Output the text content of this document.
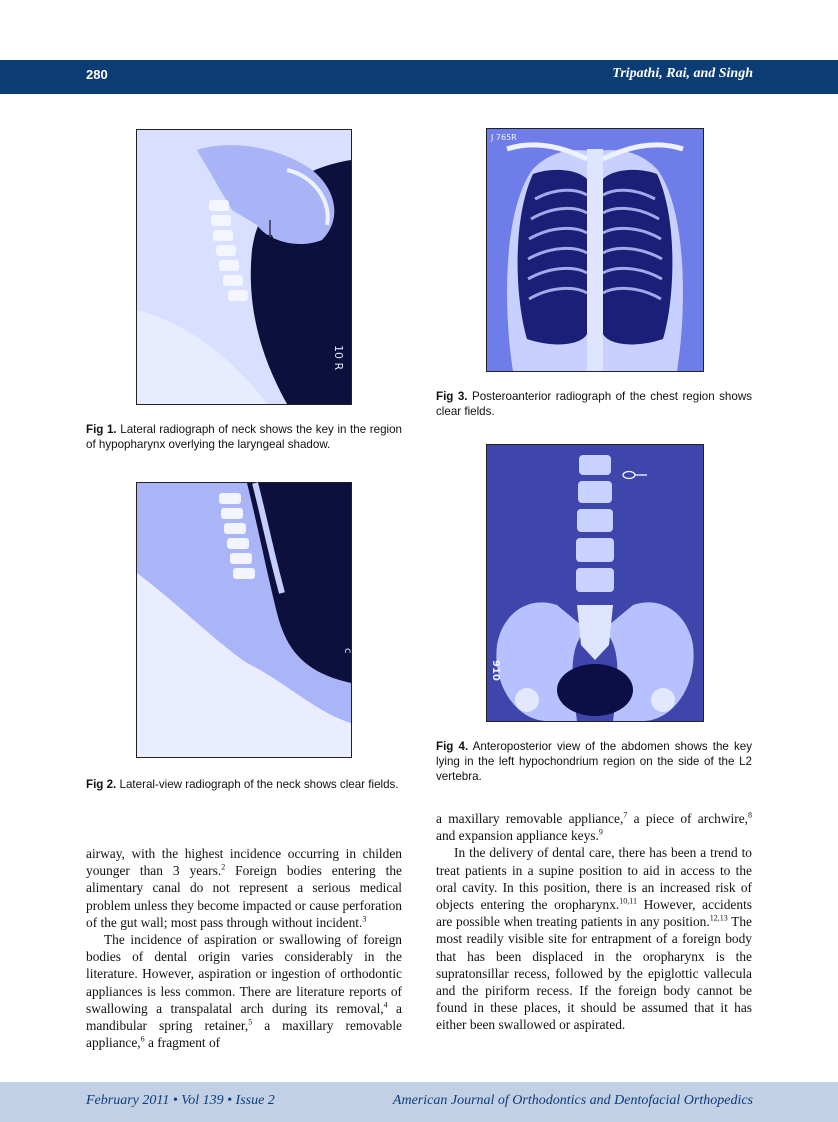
280	Tripathi, Rai, and Singh
10 R
Fig 1. Lateral radiograph of neck shows the key in the region of hypopharynx overlying the laryngeal shadow.
c
Fig 2. Lateral-view radiograph of the neck shows clear fields.
J 765R
Fig 3. Posteroanterior radiograph of the chest region shows clear fields.
910
Fig 4. Anteroposterior view of the abdomen shows the key lying in the left hypochondrium region on the side of the L2 vertebra.

airway, with the highest incidence occurring in childen younger than 3 years.$^2$ Foreign bodies entering the alimentary canal do not represent a serious medical problem unless they become impacted or cause perforation of the gut wall; most pass through without incident.$^3$

The incidence of aspiration or swallowing of foreign bodies of dental origin varies considerably in the literature. However, aspiration or ingestion of orthodontic appliances is less common. There are literature reports of swallowing a transpalatal arch during its removal,$^4$ a mandibular spring retainer,$^5$ a maxillary removable appliance,$^6$ a fragment of

a maxillary removable appliance,$^7$ a piece of archwire,$^8$ and expansion appliance keys.$^9$

In the delivery of dental care, there has been a trend to treat patients in a supine position to aid in access to the oral cavity. In this position, there is an increased risk of objects entering the oropharynx.$^{10,11}$ However, accidents are possible when treating patients in any position.$^{12,13}$ The most readily visible site for entrapment of a foreign body that has been displaced in the oropharynx is the supratonsillar recess, followed by the epiglottic vallecula and the piriform recess. If the foreign body cannot be found in these places, it should be assumed that it has either been swallowed or aspirated.

February 2011 • Vol 139 • Issue 2	American Journal of Orthodontics and Dentofacial Orthopedics
